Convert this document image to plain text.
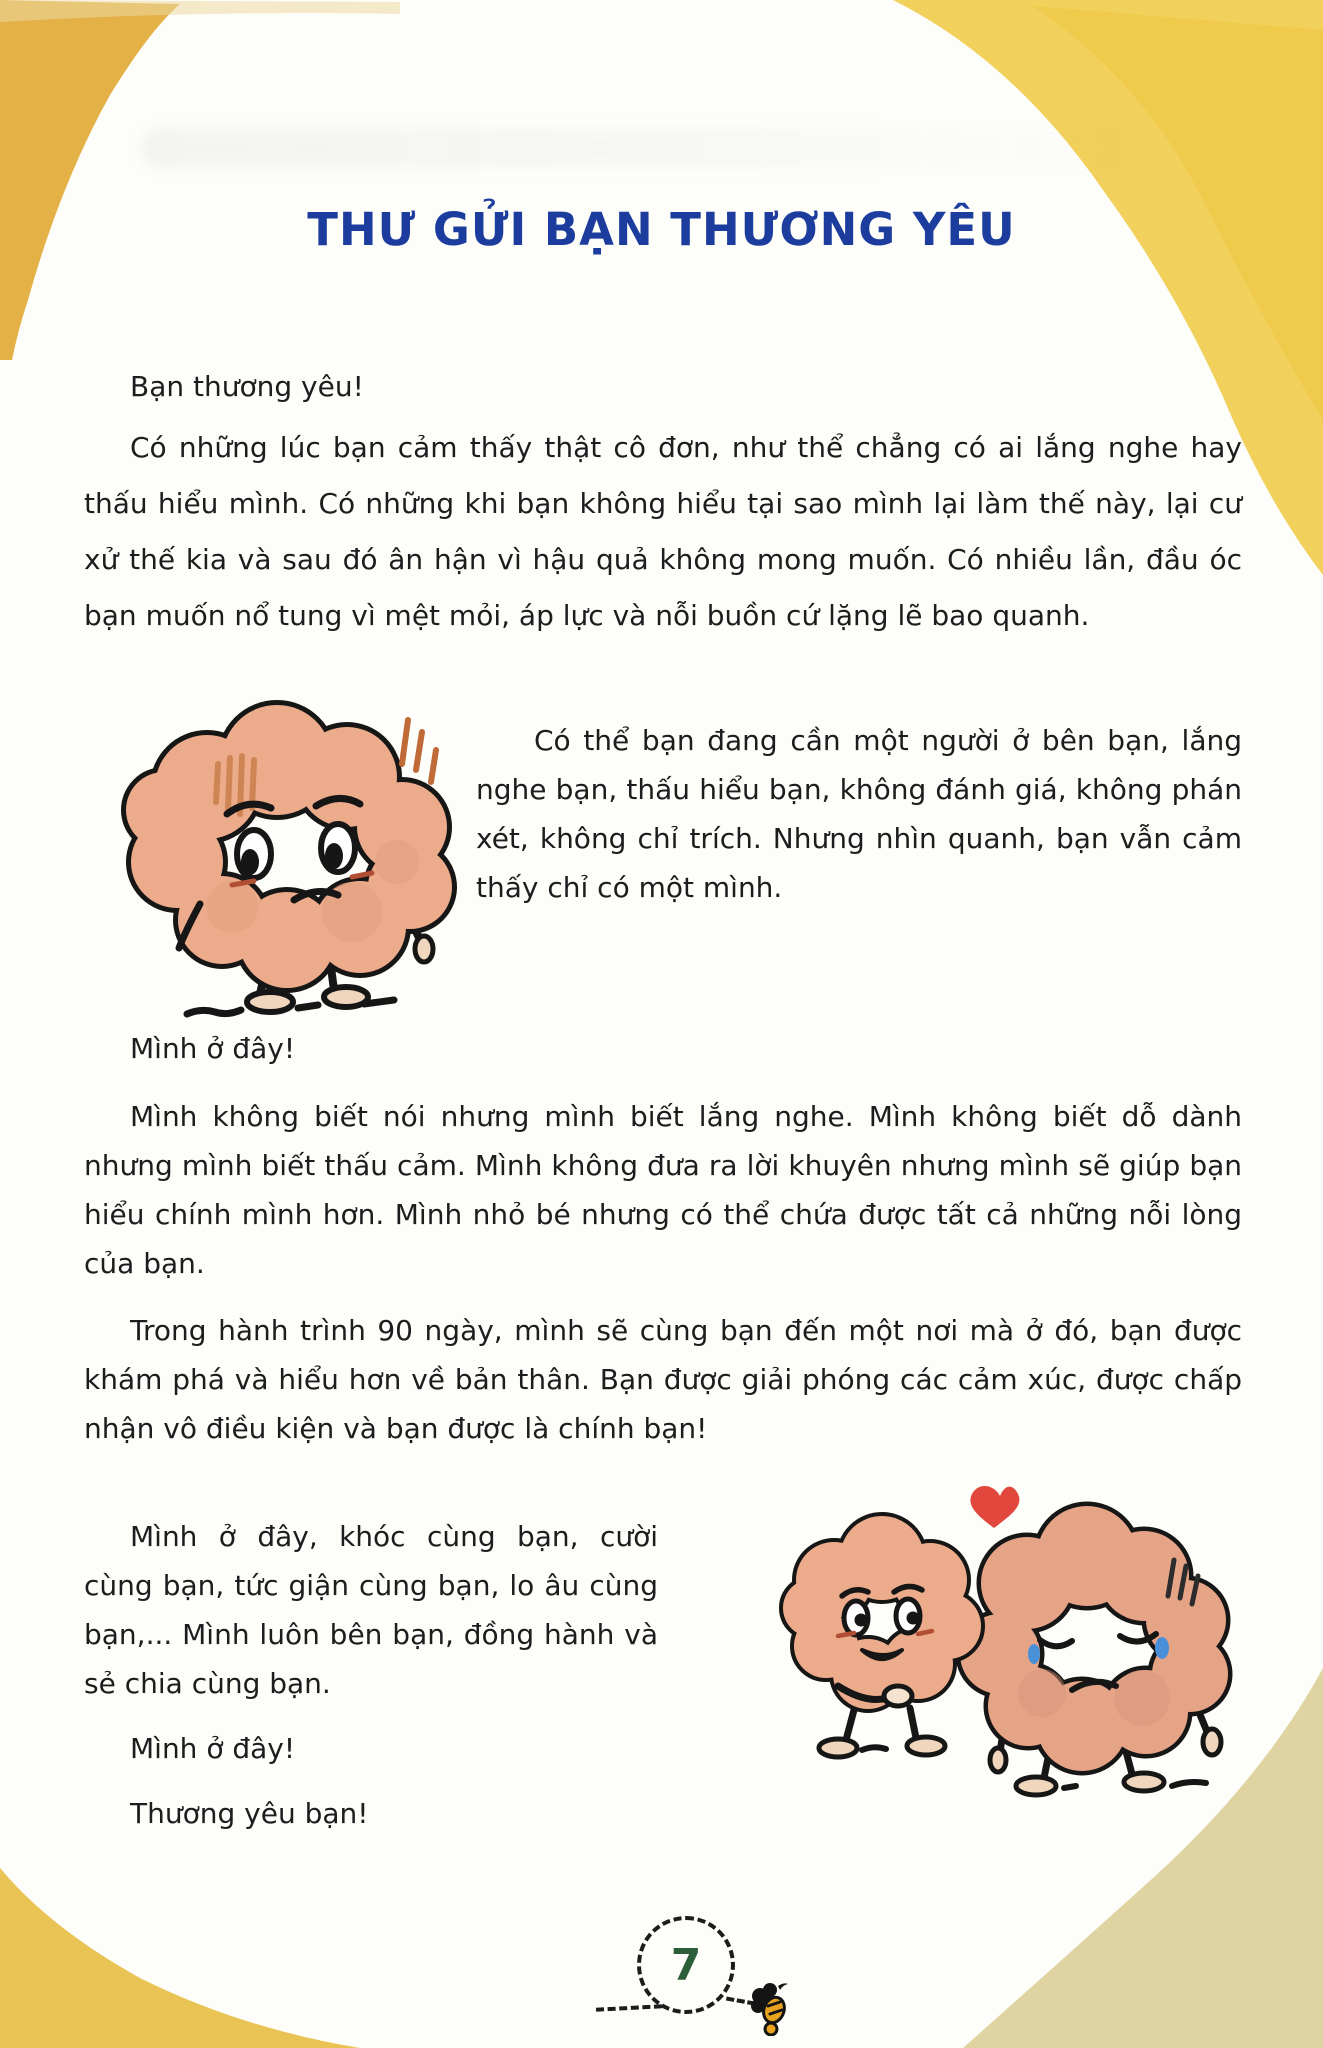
THƯ GỬI BẠN THƯƠNG YÊU
Bạn thương yêu!
Có những lúc bạn cảm thấy thật cô đơn, như thể chẳng có ai lắng nghe hay thấu hiểu mình. Có những khi bạn không hiểu tại sao mình lại làm thế này, lại cư xử thế kia và sau đó ân hận vì hậu quả không mong muốn. Có nhiều lần, đầu óc bạn muốn nổ tung vì mệt mỏi, áp lực và nỗi buồn cứ lặng lẽ bao quanh.
Có thể bạn đang cần một người ở bên bạn, lắng nghe bạn, thấu hiểu bạn, không đánh giá, không phán xét, không chỉ trích. Nhưng nhìn quanh, bạn vẫn cảm thấy chỉ có một mình.
Mình ở đây!
Mình không biết nói nhưng mình biết lắng nghe. Mình không biết dỗ dành nhưng mình biết thấu cảm. Mình không đưa ra lời khuyên nhưng mình sẽ giúp bạn hiểu chính mình hơn. Mình nhỏ bé nhưng có thể chứa được tất cả những nỗi lòng của bạn.
Trong hành trình 90 ngày, mình sẽ cùng bạn đến một nơi mà ở đó, bạn được khám phá và hiểu hơn về bản thân. Bạn được giải phóng các cảm xúc, được chấp nhận vô điều kiện và bạn được là chính bạn!
Mình ở đây, khóc cùng bạn, cười cùng bạn, tức giận cùng bạn, lo âu cùng bạn,... Mình luôn bên bạn, đồng hành và sẻ chia cùng bạn.
Mình ở đây!
Thương yêu bạn!
7
